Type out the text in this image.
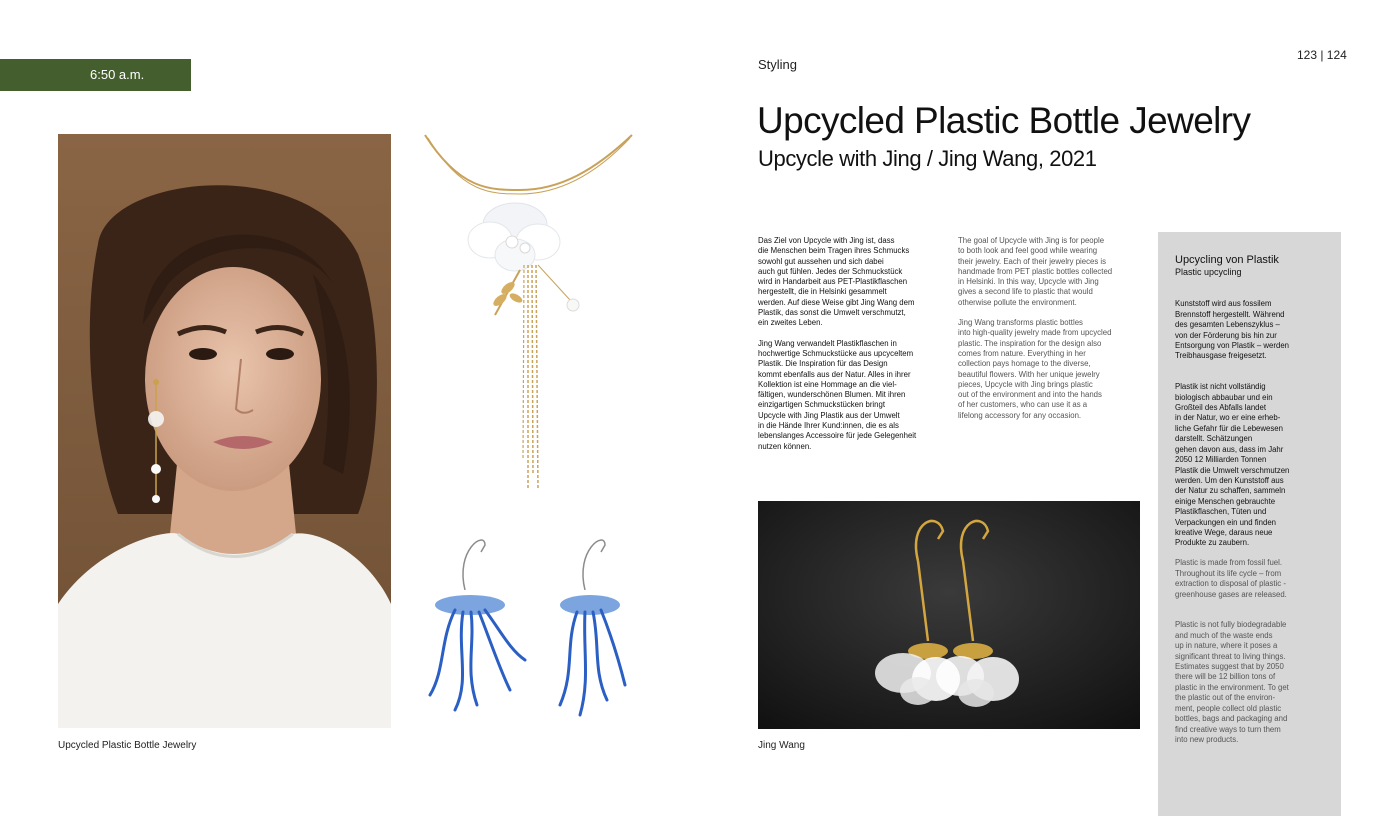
6:50 a.m.
Upcycled Plastic Bottle Jewelry
Styling
123 | 124
Upcycled Plastic Bottle Jewelry
Upcycle with Jing / Jing Wang, 2021

Das Ziel von Upcycle with Jing ist, dass
die Menschen beim Tragen ihres Schmucks
sowohl gut aussehen und sich dabei
auch gut fühlen. Jedes der Schmuckstück
wird in Handarbeit aus PET-Plastikflaschen
hergestellt, die in Helsinki gesammelt
werden. Auf diese Weise gibt Jing Wang dem
Plastik, das sonst die Umwelt verschmutzt,
ein zweites Leben.

Jing Wang verwandelt Plastikflaschen in
hochwertige Schmuckstücke aus upcyceltem
Plastik. Die Inspiration für das Design
kommt ebenfalls aus der Natur. Alles in ihrer
Kollektion ist eine Hommage an die viel-
fältigen, wunderschönen Blumen. Mit ihren
einzigartigen Schmuckstücken bringt
Upcycle with Jing Plastik aus der Umwelt
in die Hände Ihrer Kund:innen, die es als
lebenslanges Accessoire für jede Gelegenheit
nutzen können.

The goal of Upcycle with Jing is for people
to both look and feel good while wearing
their jewelry. Each of their jewelry pieces is
handmade from PET plastic bottles collected
in Helsinki. In this way, Upcycle with Jing
gives a second life to plastic that would
otherwise pollute the environment.

Jing Wang transforms plastic bottles
into high-quality jewelry made from upcycled
plastic. The inspiration for the design also
comes from nature. Everything in her
collection pays homage to the diverse,
beautiful flowers. With her unique jewelry
pieces, Upcycle with Jing brings plastic
out of the environment and into the hands
of her customers, who can use it as a
lifelong accessory for any occasion.

Jing Wang
Upcycling von Plastik
Plastic upcycling

Kunststoff wird aus fossilem
Brennstoff hergestellt. Während
des gesamten Lebenszyklus –
von der Förderung bis hin zur
Entsorgung von Plastik – werden
Treibhausgase freigesetzt.

Plastik ist nicht vollständig
biologisch abbaubar und ein
Großteil des Abfalls landet
in der Natur, wo er eine erheb-
liche Gefahr für die Lebewesen
darstellt. Schätzungen
gehen davon aus, dass im Jahr
2050 12 Milliarden Tonnen
Plastik die Umwelt verschmutzen
werden. Um den Kunststoff aus
der Natur zu schaffen, sammeln
einige Menschen gebrauchte
Plastikflaschen, Tüten und
Verpackungen ein und finden
kreative Wege, daraus neue
Produkte zu zaubern.

Plastic is made from fossil fuel.
Throughout its life cycle – from
extraction to disposal of plastic -
greenhouse gases are released.

Plastic is not fully biodegradable
and much of the waste ends
up in nature, where it poses a
significant threat to living things.
Estimates suggest that by 2050
there will be 12 billion tons of
plastic in the environment. To get
the plastic out of the environ-
ment, people collect old plastic
bottles, bags and packaging and
find creative ways to turn them
into new products.
